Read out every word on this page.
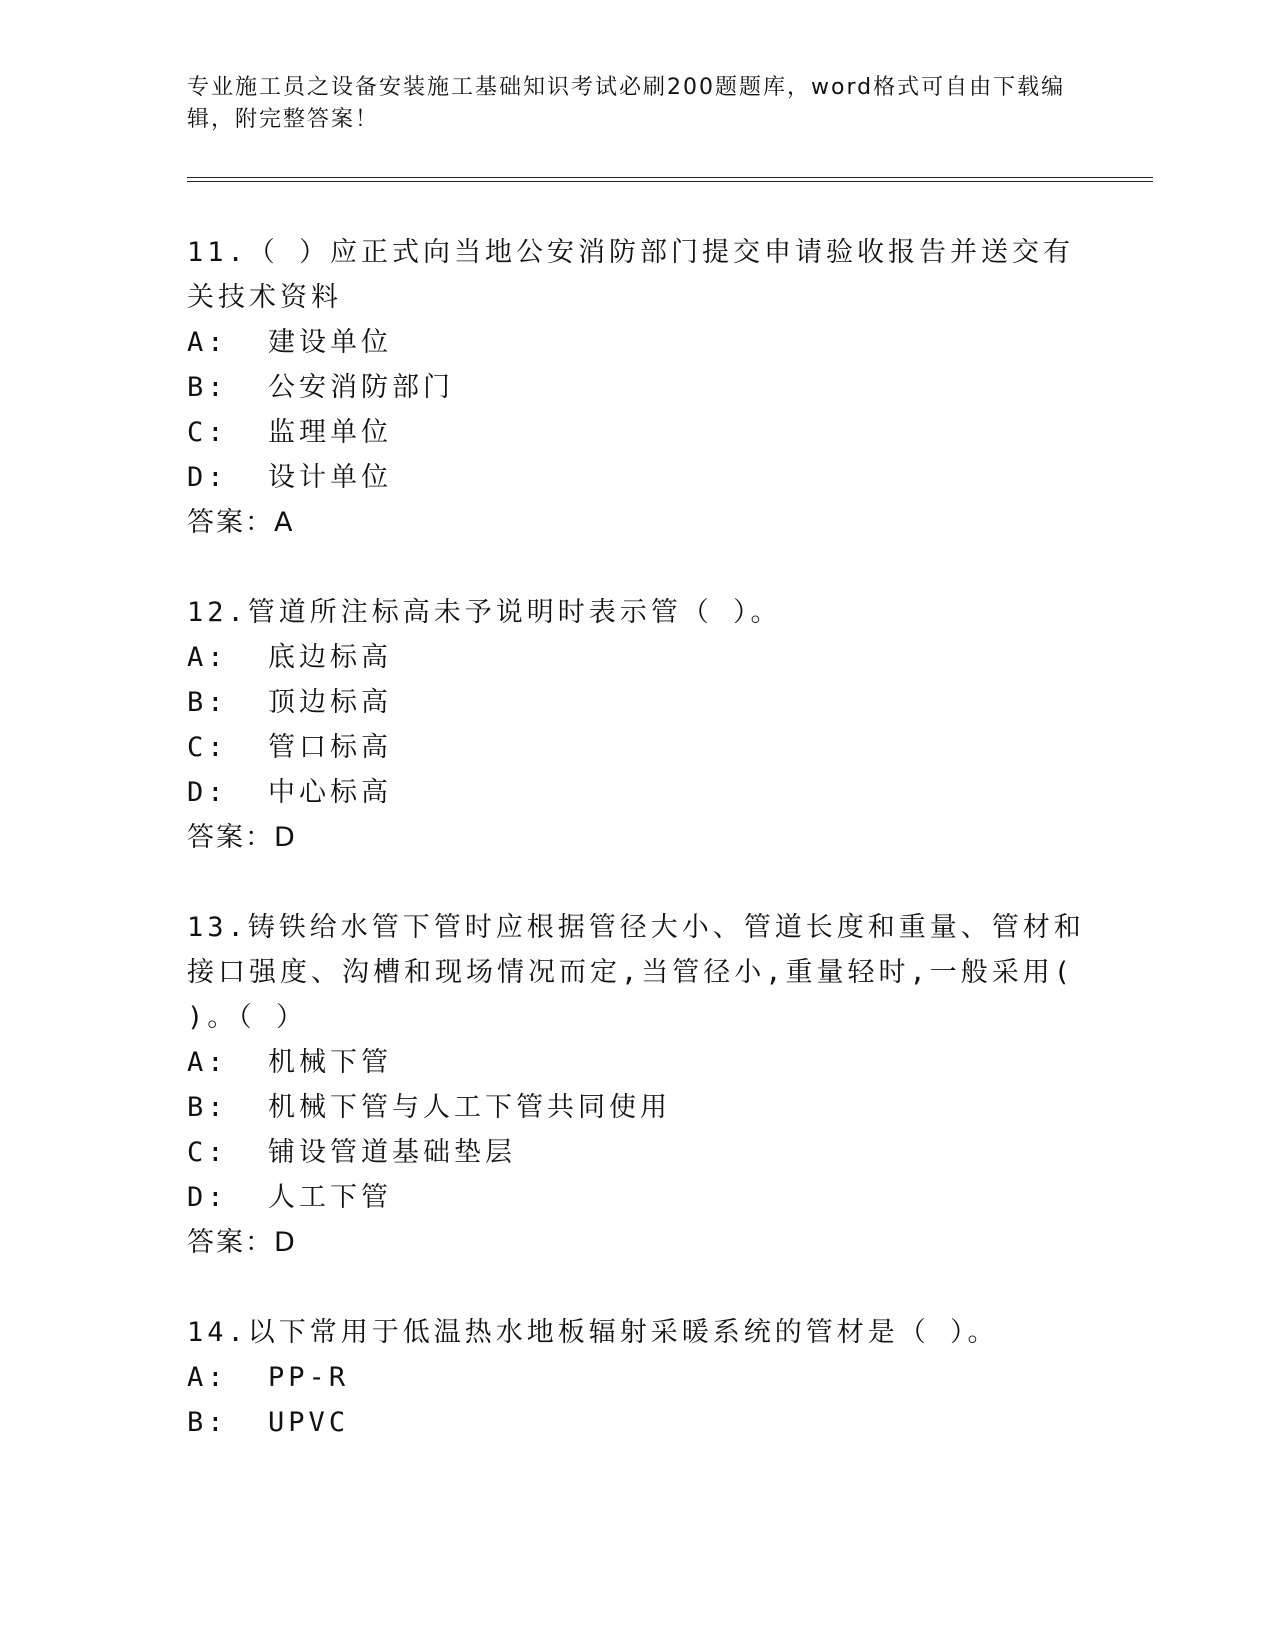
专业施工员之设备安装施工基础知识考试必刷200题题库，word格式可自由下载编辑，附完整答案！

11.（ ）应正式向当地公安消防部门提交申请验收报告并送交有关技术资料

A : 建设单位
B : 公安消防部门
C : 监理单位
D : 设计单位
答案 ： A

12.管道所注标高未予说明时表示管（ ）。

A : 底边标高
B : 顶边标高
C : 管口标高
D : 中心标高
答案 ： D

13.铸铁给水管下管时应根据管径大小、管道长度和重量、管材和接口强度、沟槽和现场情况而定,当管径小,重量轻时,一般采用( )。（ ）

A : 机械下管
B : 机械下管与人工下管共同使用
C : 铺设管道基础垫层
D : 人工下管
答案 ： D

14.以下常用于低温热水地板辐射采暖系统的管材是（ ）。

A : PP-R
B : UPVC
